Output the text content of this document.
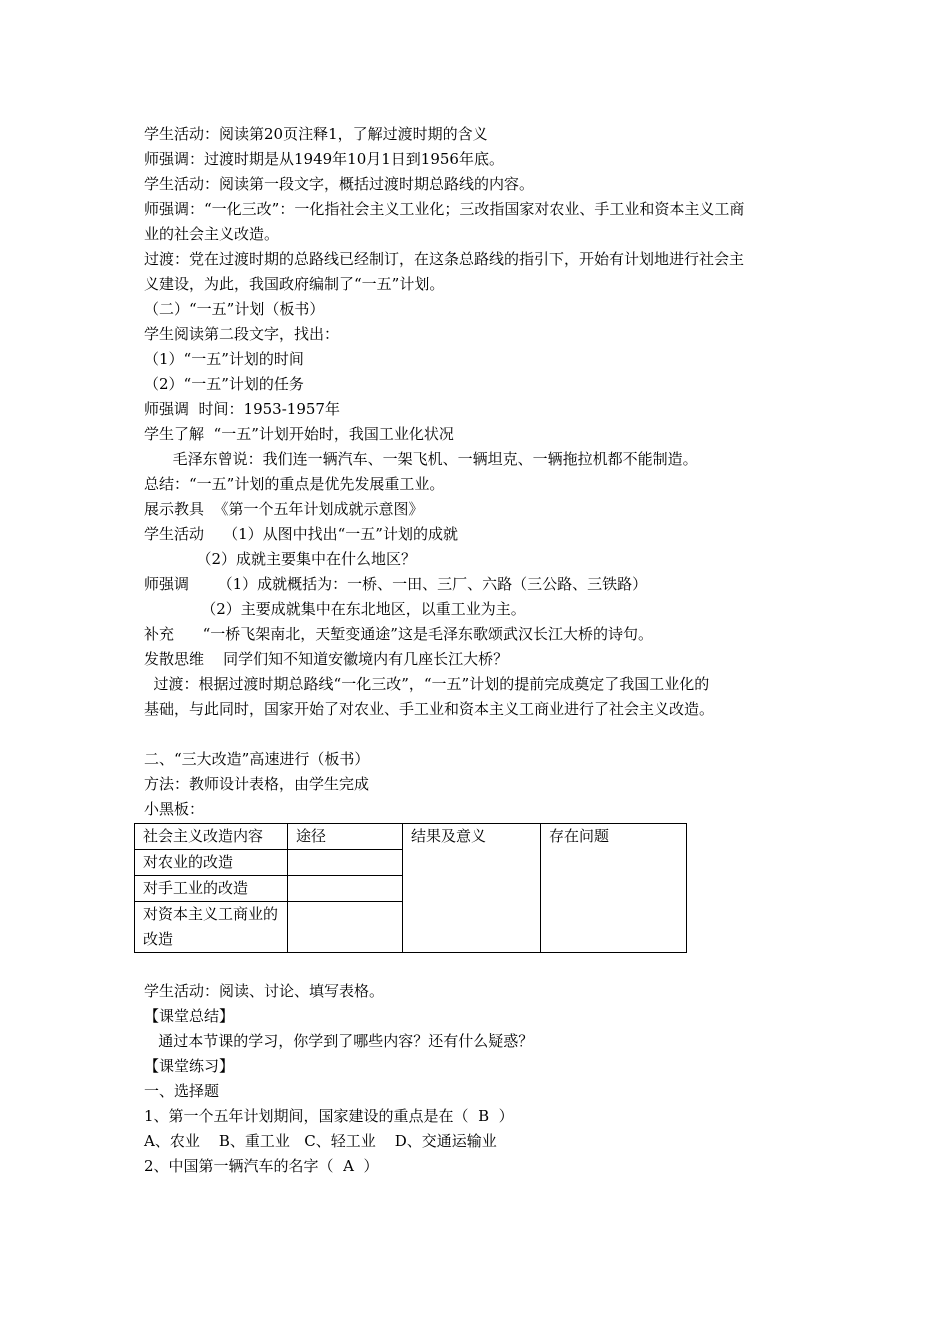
学生活动：阅读第20页注释1，了解过渡时期的含义

师强调：过渡时期是从1949年10月1日到1956年底。

学生活动：阅读第一段文字，概括过渡时期总路线的内容。

师强调：“一化三改”：一化指社会主义工业化；三改指国家对农业、手工业和资本主义工商

业的社会主义改造。

过渡：党在过渡时期的总路线已经制订，在这条总路线的指引下，开始有计划地进行社会主

义建设，为此，我国政府编制了“一五”计划。

（二）“一五”计划（板书）

学生阅读第二段文字，找出：

（1）“一五”计划的时间

（2）“一五”计划的任务

师强调  时间：1953-1957年

学生了解  “一五”计划开始时，我国工业化状况

毛泽东曾说：我们连一辆汽车、一架飞机、一辆坦克、一辆拖拉机都不能制造。

总结：“一五”计划的重点是优先发展重工业。

展示教具  《第一个五年计划成就示意图》

学生活动    （1）从图中找出“一五”计划的成就

（2）成就主要集中在什么地区？

师强调      （1）成就概括为：一桥、一田、三厂、六路（三公路、三铁路）

（2）主要成就集中在东北地区，以重工业为主。

补充      “一桥飞架南北，天堑变通途”这是毛泽东歌颂武汉长江大桥的诗句。

发散思维    同学们知不知道安徽境内有几座长江大桥？

过渡：根据过渡时期总路线“一化三改”，“一五”计划的提前完成奠定了我国工业化的

基础，与此同时，国家开始了对农业、手工业和资本主义工商业进行了社会主义改造。

二、“三大改造”高速进行（板书）

方法：教师设计表格，由学生完成

小黑板：

社会主义改造内容	途径	结果及意义	存在问题
对农业的改造			
对手工业的改造			
对资本主义工商业的改造			

学生活动：阅读、讨论、填写表格。

【课堂总结】

通过本节课的学习，你学到了哪些内容？还有什么疑惑？

【课堂练习】

一、选择题

1、第一个五年计划期间，国家建设的重点是在（  B  ）

A、农业    B、重工业   C、轻工业    D、交通运输业

2、中国第一辆汽车的名字（  A  ）
